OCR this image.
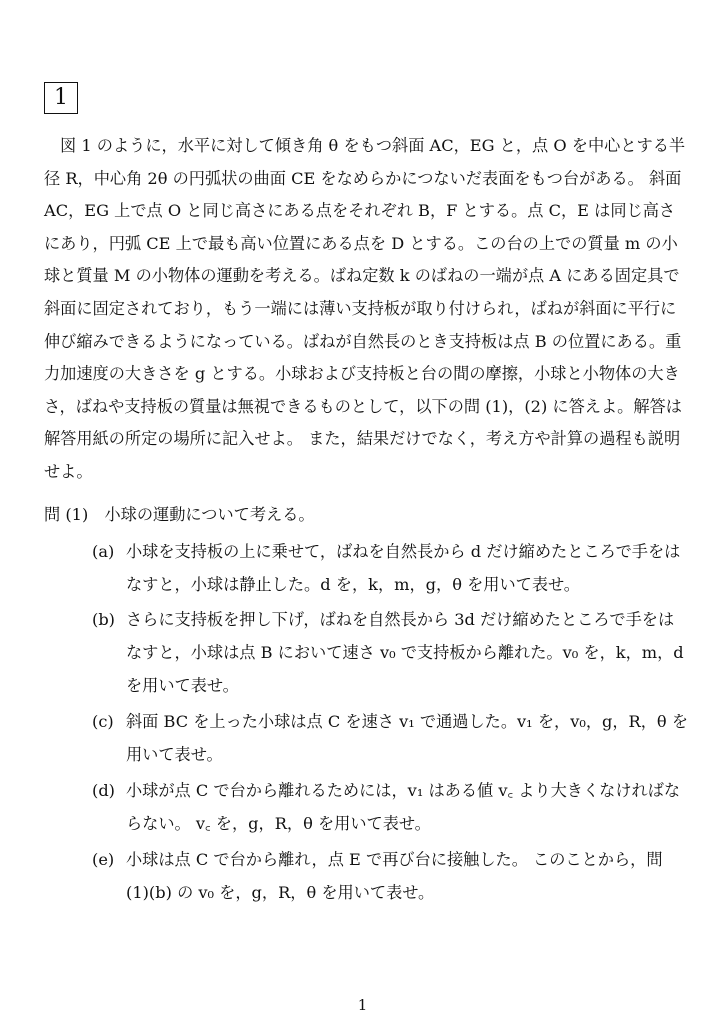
1
図 1 のように，水平に対して傾き角 θ をもつ斜面 AC，EG と，点 O を中心とする半
径 R，中心角 2θ の円弧状の曲面 CE をなめらかにつないだ表面をもつ台がある。 斜面
AC，EG 上で点 O と同じ高さにある点をそれぞれ B，F とする。点 C，E は同じ高さ
にあり，円弧 CE 上で最も高い位置にある点を D とする。この台の上での質量 m の小
球と質量 M の小物体の運動を考える。ばね定数 k のばねの一端が点 A にある固定具で
斜面に固定されており，もう一端には薄い支持板が取り付けられ，ばねが斜面に平行に
伸び縮みできるようになっている。ばねが自然長のとき支持板は点 B の位置にある。重
力加速度の大きさを g とする。小球および支持板と台の間の摩擦，小球と小物体の大き
さ，ばねや支持板の質量は無視できるものとして，以下の問 (1)，(2) に答えよ。解答は
解答用紙の所定の場所に記入せよ。 また，結果だけでなく，考え方や計算の過程も説明
せよ。
問 (1)　小球の運動について考える。
(a) 小球を支持板の上に乗せて，ばねを自然長から d だけ縮めたところで手をは
なすと，小球は静止した。d を，k，m，g，θ を用いて表せ。
(b) さらに支持板を押し下げ，ばねを自然長から 3d だけ縮めたところで手をは
なすと，小球は点 B において速さ v₀ で支持板から離れた。v₀ を，k，m，d
を用いて表せ。
(c) 斜面 BC を上った小球は点 C を速さ v₁ で通過した。v₁ を，v₀，g，R，θ を
用いて表せ。
(d) 小球が点 C で台から離れるためには，v₁ はある値 v꜀ より大きくなければな
らない。 v꜀ を，g，R，θ を用いて表せ。
(e) 小球は点 C で台から離れ，点 E で再び台に接触した。 このことから，問
(1)(b) の v₀ を，g，R，θ を用いて表せ。
1
